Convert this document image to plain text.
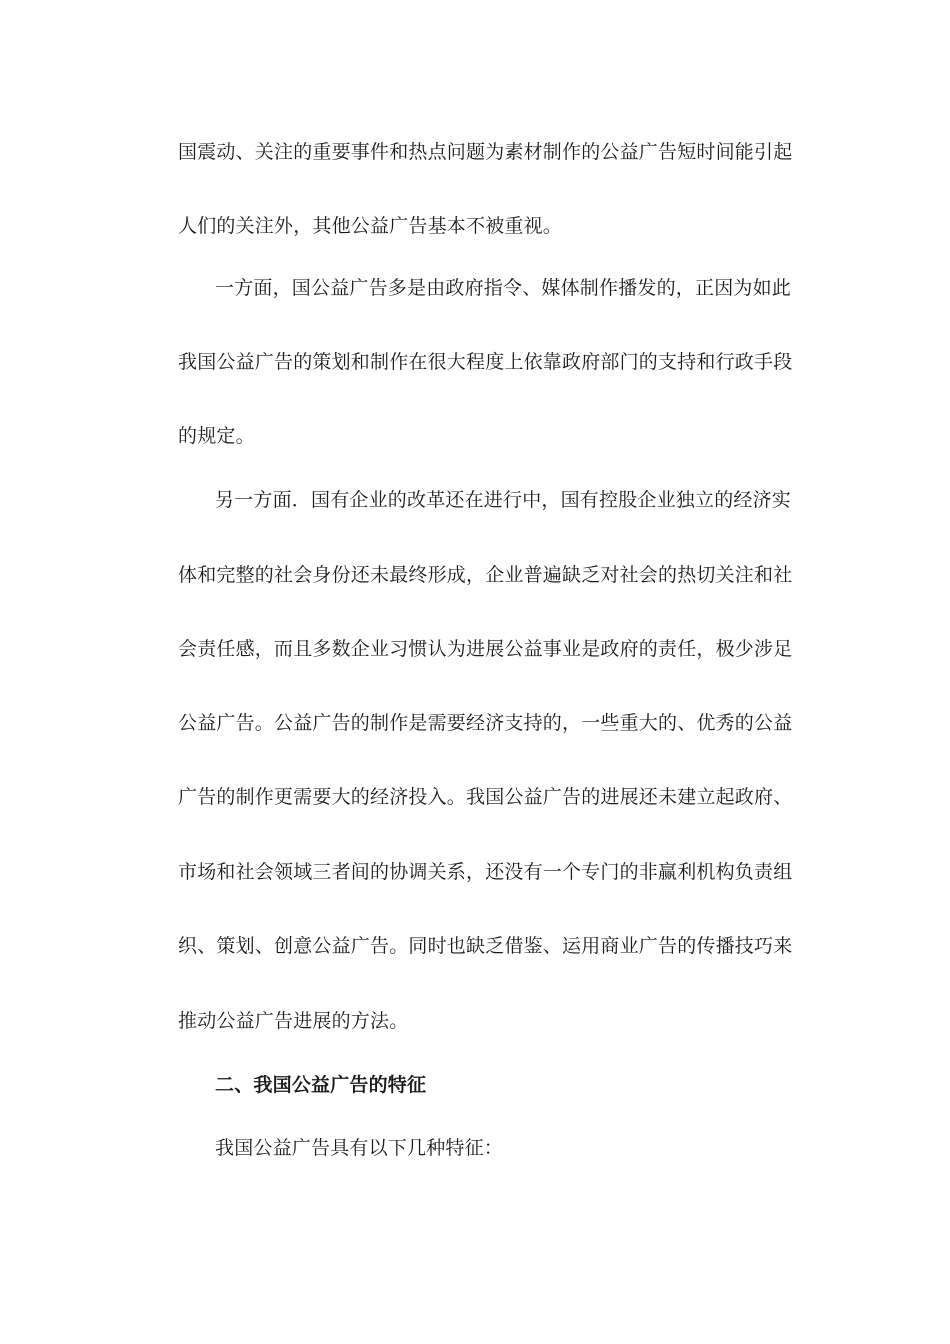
国震动、关注的重要事件和热点问题为素材制作的公益广告短时间能引起
人们的关注外，其他公益广告基本不被重视。
一方面，国公益广告多是由政府指令、媒体制作播发的，正因为如此
我国公益广告的策划和制作在很大程度上依靠政府部门的支持和行政手段
的规定。
另一方面．国有企业的改革还在进行中，国有控股企业独立的经济实
体和完整的社会身份还未最终形成，企业普遍缺乏对社会的热切关注和社
会责任感，而且多数企业习惯认为进展公益事业是政府的责任，极少涉足
公益广告。公益广告的制作是需要经济支持的，一些重大的、优秀的公益
广告的制作更需要大的经济投入。我国公益广告的进展还未建立起政府、
市场和社会领域三者间的协调关系，还没有一个专门的非赢利机构负责组
织、策划、创意公益广告。同时也缺乏借鉴、运用商业广告的传播技巧来
推动公益广告进展的方法。
二、我国公益广告的特征
我国公益广告具有以下几种特征：
